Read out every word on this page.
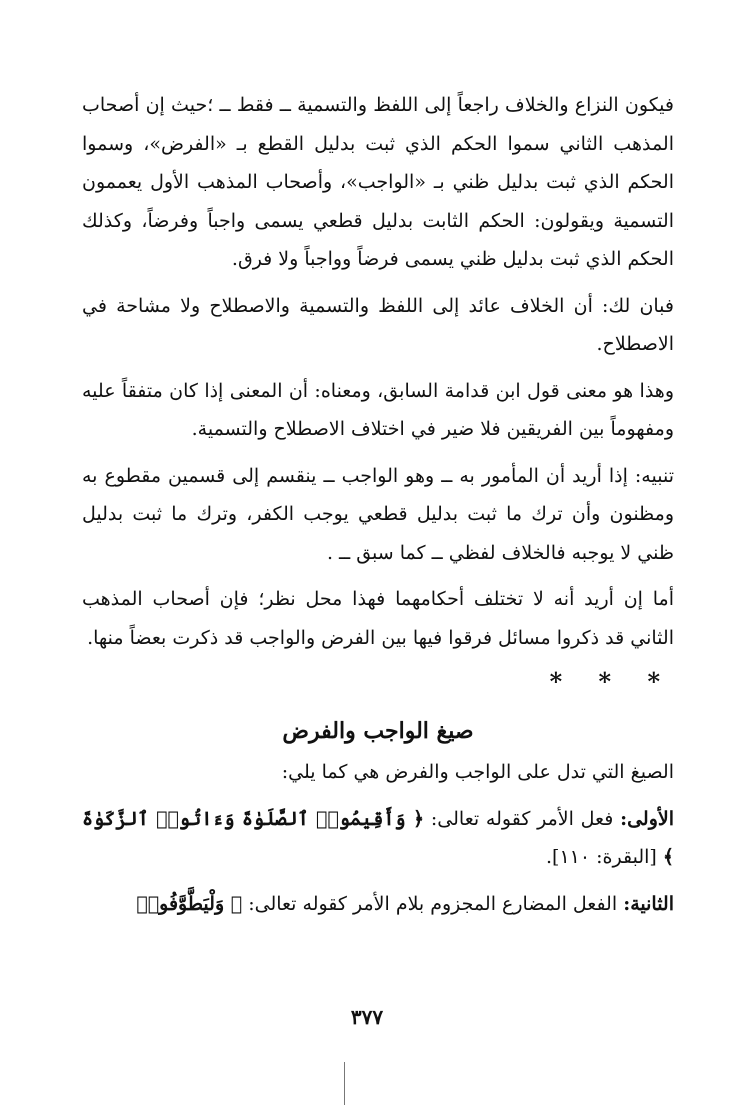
فيكون النزاع والخلاف راجعاً إلى اللفظ والتسمية ــ فقط ــ ؛حيث إن أصحاب المذهب الثاني سموا الحكم الذي ثبت بدليل القطع بـ «الفرض»، وسموا الحكم الذي ثبت بدليل ظني بـ «الواجب»، وأصحاب المذهب الأول يعممون التسمية ويقولون: الحكم الثابت بدليل قطعي يسمى واجباً وفرضاً، وكذلك الحكم الذي ثبت بدليل ظني يسمى فرضاً وواجباً ولا فرق.

فبان لك: أن الخلاف عائد إلى اللفظ والتسمية والاصطلاح ولا مشاحة في الاصطلاح.

وهذا هو معنى قول ابن قدامة السابق، ومعناه: أن المعنى إذا كان متفقاً عليه ومفهوماً بين الفريقين فلا ضير في اختلاف الاصطلاح والتسمية.

تنبيه: إذا أريد أن المأمور به ــ وهو الواجب ــ ينقسم إلى قسمين مقطوع به ومظنون وأن ترك ما ثبت بدليل قطعي يوجب الكفر، وترك ما ثبت بدليل ظني لا يوجبه فالخلاف لفظي ــ كما سبق ــ .

أما إن أريد أنه لا تختلف أحكامهما فهذا محل نظر؛ فإن أصحاب المذهب الثاني قد ذكروا مسائل فرقوا فيها بين الفرض والواجب قد ذكرت بعضاً منها.

* * *
صيغ الواجب والفرض

الصيغ التي تدل على الواجب والفرض هي كما يلي:

الأولى: فعل الأمر كقوله تعالى: ﴿ وَأَقِيمُوا۟ ٱلصَّلَوٰةَ وَءَاتُوا۟ ٱلزَّكَوٰةَ ﴾ [البقرة: ١١٠].

الثانية: الفعل المضارع المجزوم بلام الأمر كقوله تعالى: ﴿ وَلْيَطَّوَّفُوا۟

٣٧٧
